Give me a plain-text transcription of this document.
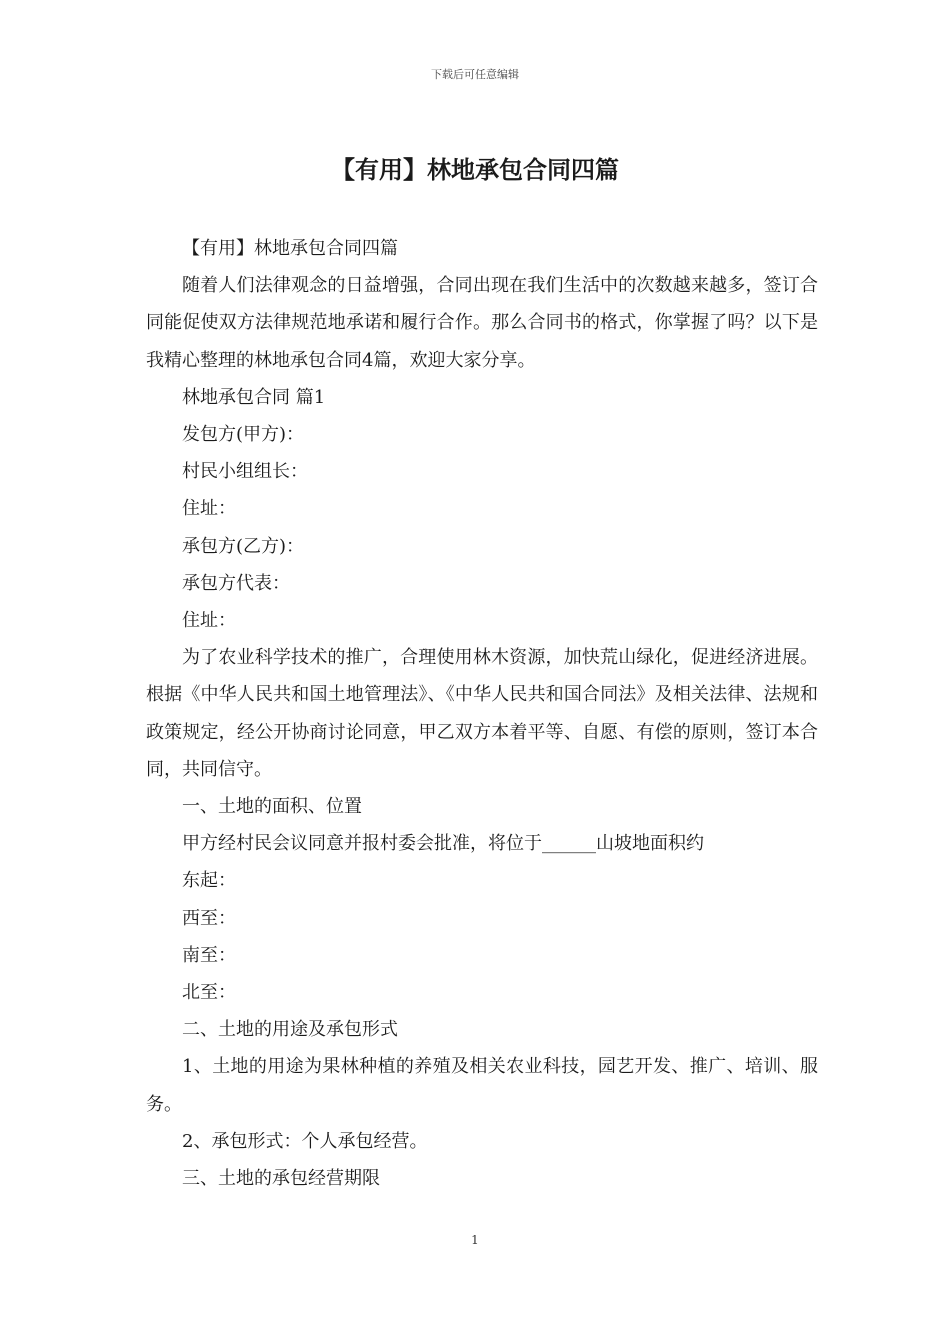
下载后可任意编辑
【有用】林地承包合同四篇

【有用】林地承包合同四篇

随着人们法律观念的日益增强，合同出现在我们生活中的次数越来越多，签订合同能促使双方法律规范地承诺和履行合作。那么合同书的格式，你掌握了吗？以下是我精心整理的林地承包合同4篇，欢迎大家分享。

林地承包合同 篇1

发包方(甲方)：

村民小组组长：

住址：

承包方(乙方)：

承包方代表：

住址：

为了农业科学技术的推广，合理使用林木资源，加快荒山绿化，促进经济进展。根据《中华人民共和国土地管理法》、《中华人民共和国合同法》及相关法律、法规和政策规定，经公开协商讨论同意，甲乙双方本着平等、自愿、有偿的原则，签订本合同，共同信守。

一、土地的面积、位置

甲方经村民会议同意并报村委会批准，将位于______山坡地面积约

东起：

西至：

南至：

北至：

二、土地的用途及承包形式

1、土地的用途为果林种植的养殖及相关农业科技，园艺开发、推广、培训、服务。

2、承包形式：个人承包经营。

三、土地的承包经营期限

1
